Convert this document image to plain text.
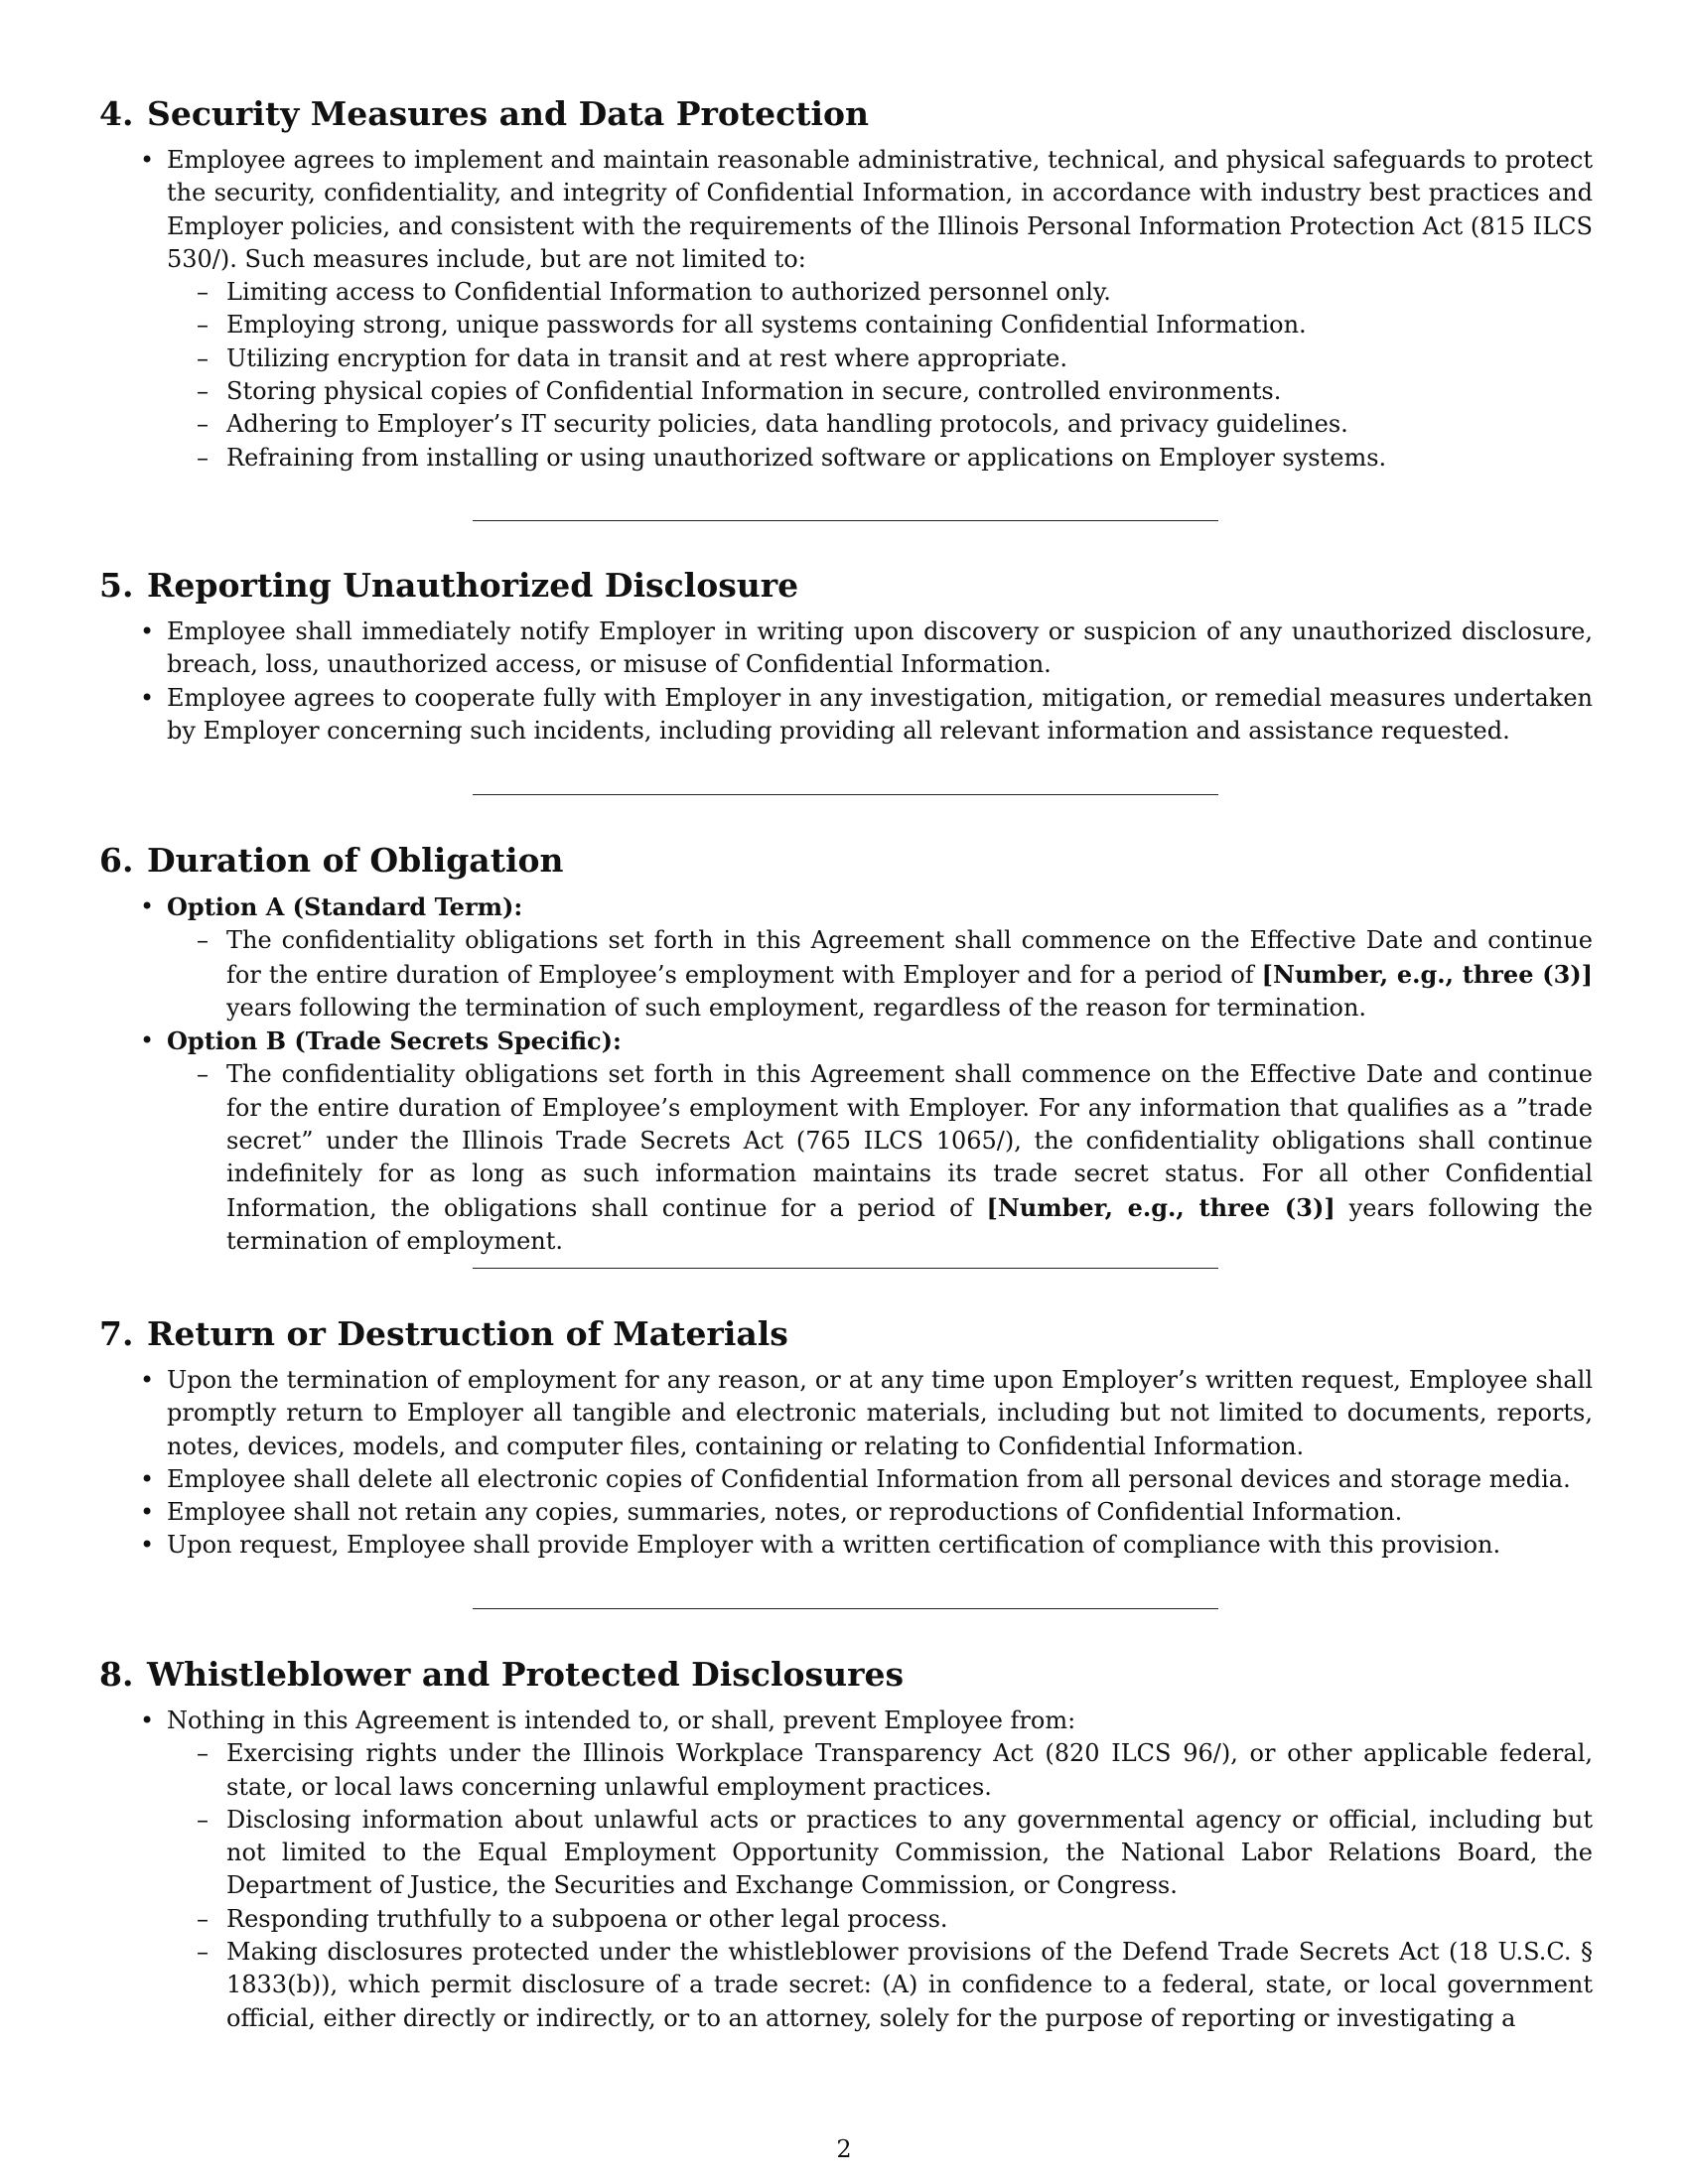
4. Security Measures and Data Protection
• Employee agrees to implement and maintain reasonable administrative, technical, and physical safeguards to protect the security, confidentiality, and integrity of Confidential Information, in accordance with industry best practices and Employer policies, and consistent with the requirements of the Illinois Personal Information Protection Act (815 ILCS 530/). Such measures include, but are not limited to:
– Limiting access to Confidential Information to authorized personnel only.
– Employing strong, unique passwords for all systems containing Confidential Information.
– Utilizing encryption for data in transit and at rest where appropriate.
– Storing physical copies of Confidential Information in secure, controlled environments.
– Adhering to Employer’s IT security policies, data handling protocols, and privacy guidelines.
– Refraining from installing or using unauthorized software or applications on Employer systems.
5. Reporting Unauthorized Disclosure
• Employee shall immediately notify Employer in writing upon discovery or suspicion of any unauthorized disclosure, breach, loss, unauthorized access, or misuse of Confidential Information.
• Employee agrees to cooperate fully with Employer in any investigation, mitigation, or remedial measures undertaken by Employer concerning such incidents, including providing all relevant information and assistance requested.
6. Duration of Obligation
• Option A (Standard Term):
– The confidentiality obligations set forth in this Agreement shall commence on the Effective Date and continue for the entire duration of Employee’s employment with Employer and for a period of [Number, e.g., three (3)] years following the termination of such employment, regardless of the reason for termination.
• Option B (Trade Secrets Specific):
– The confidentiality obligations set forth in this Agreement shall commence on the Effective Date and continue for the entire duration of Employee’s employment with Employer. For any information that qualifies as a ”trade secret” under the Illinois Trade Secrets Act (765 ILCS 1065/), the confidentiality obligations shall continue indefinitely for as long as such information maintains its trade secret status. For all other Confidential Information, the obligations shall continue for a period of [Number, e.g., three (3)] years following the termination of employment.
7. Return or Destruction of Materials
• Upon the termination of employment for any reason, or at any time upon Employer’s written request, Employee shall promptly return to Employer all tangible and electronic materials, including but not limited to documents, reports, notes, devices, models, and computer files, containing or relating to Confidential Information.
• Employee shall delete all electronic copies of Confidential Information from all personal devices and storage media.
• Employee shall not retain any copies, summaries, notes, or reproductions of Confidential Information.
• Upon request, Employee shall provide Employer with a written certification of compliance with this provision.
8. Whistleblower and Protected Disclosures
• Nothing in this Agreement is intended to, or shall, prevent Employee from:
– Exercising rights under the Illinois Workplace Transparency Act (820 ILCS 96/), or other applicable federal, state, or local laws concerning unlawful employment practices.
– Disclosing information about unlawful acts or practices to any governmental agency or official, including but not limited to the Equal Employment Opportunity Commission, the National Labor Relations Board, the Department of Justice, the Securities and Exchange Commission, or Congress.
– Responding truthfully to a subpoena or other legal process.
– Making disclosures protected under the whistleblower provisions of the Defend Trade Secrets Act (18 U.S.C. § 1833(b)), which permit disclosure of a trade secret: (A) in confidence to a federal, state, or local government official, either directly or indirectly, or to an attorney, solely for the purpose of reporting or investigating a
2
